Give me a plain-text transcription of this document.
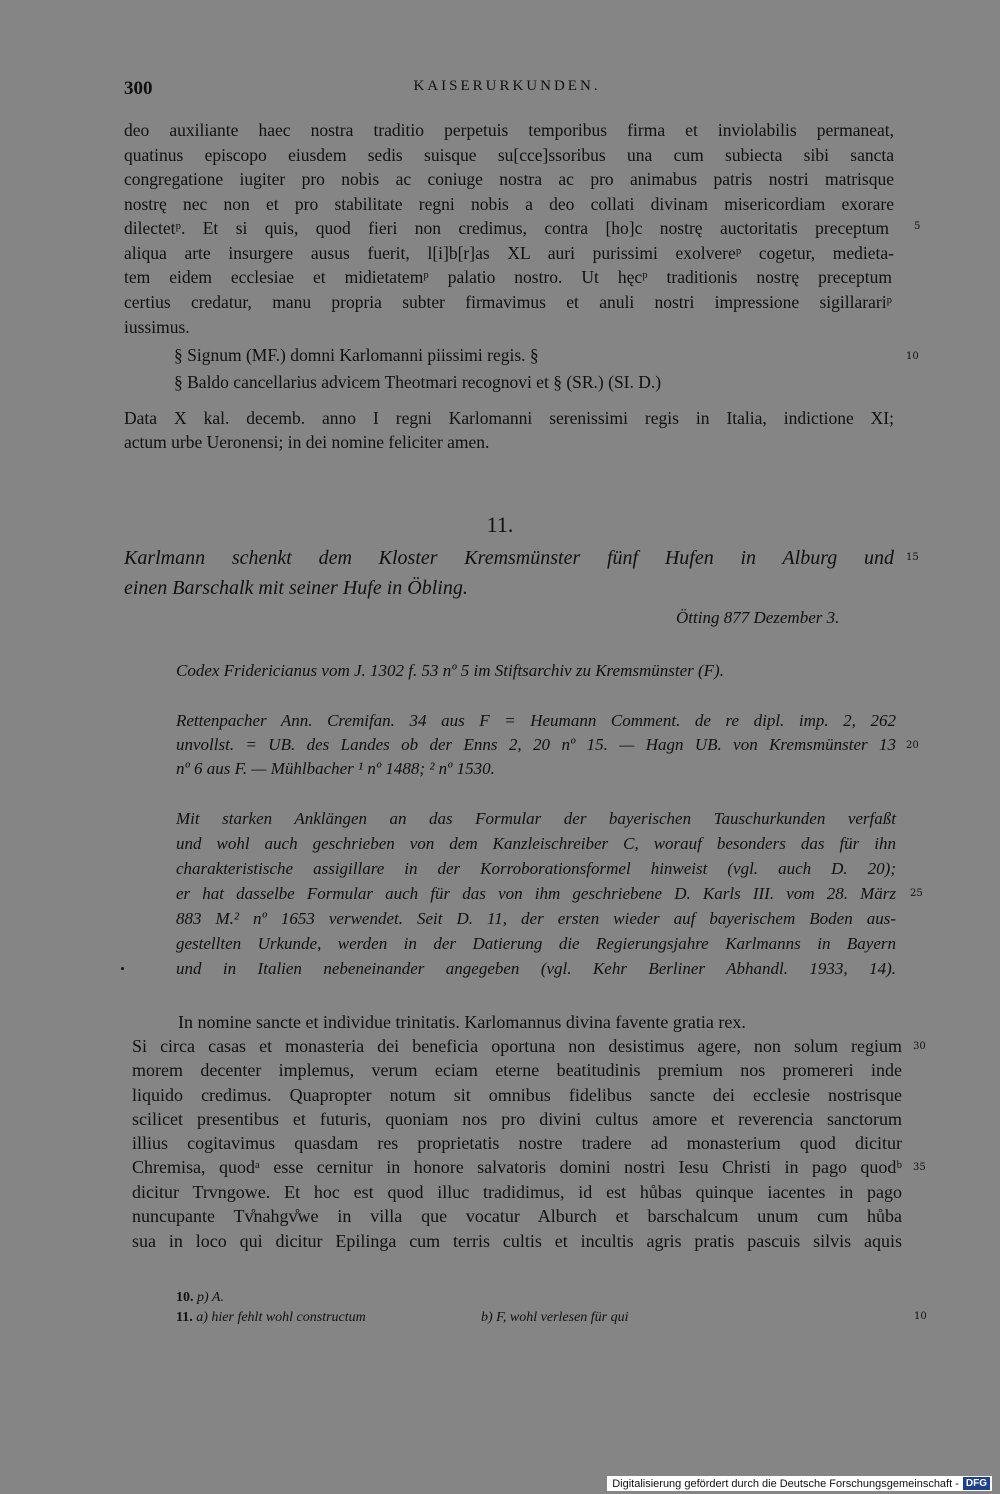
300	KAISERURKUNDEN.
deo auxiliante haec nostra traditio perpetuis temporibus firma et inviolabilis permaneat,
quatinus episcopo eiusdem sedis suisque su[cce]ssoribus una cum subiecta sibi sancta
congregatione iugiter pro nobis ac coniuge nostra ac pro animabus patris nostri matrisque
nostrę nec non et pro stabilitate regni nobis a deo collati divinam misericordiam exorare
dilectetᵖ. Et si quis, quod fieri non credimus, contra [ho]c nostrę auctoritatis preceptum
aliqua arte insurgere ausus fuerit, l[i]b[r]as XL auri purissimi exolvereᵖ cogetur, medieta-
tem eidem ecclesiae et midietatemᵖ palatio nostro. Ut hęcᵖ traditionis nostrę preceptum
certius credatur, manu propria subter firmavimus et anuli nostri impressione sigillarariᵖ
iussimus.
§ Signum (MF.) domni Karlomanni piissimi regis. §
§ Baldo cancellarius advicem Theotmari recognovi et § (SR.) (SI. D.)
Data X kal. decemb. anno I regni Karlomanni serenissimi regis in Italia, indictione XI;
actum urbe Ueronensi; in dei nomine feliciter amen.
11.
Karlmann schenkt dem Kloster Kremsmünster fünf Hufen in Alburg und
einen Barschalk mit seiner Hufe in Öbling.
Ötting 877 Dezember 3.
Codex Fridericianus vom J. 1302 f. 53 nº 5 im Stiftsarchiv zu Kremsmünster (F).
Rettenpacher Ann. Cremifan. 34 aus F = Heumann Comment. de re dipl. imp. 2, 262
unvollst. = UB. des Landes ob der Enns 2, 20 nº 15. — Hagn UB. von Kremsmünster 13
nº 6 aus F. — Mühlbacher ¹ nº 1488; ² nº 1530.
Mit starken Anklängen an das Formular der bayerischen Tauschurkunden verfaßt
und wohl auch geschrieben von dem Kanzleischreiber C, worauf besonders das für ihn
charakteristische assigillare in der Korroborationsformel hinweist (vgl. auch D. 20);
er hat dasselbe Formular auch für das von ihm geschriebene D. Karls III. vom 28. März
883 M.² nº 1653 verwendet. Seit D. 11, der ersten wieder auf bayerischem Boden aus-
gestellten Urkunde, werden in der Datierung die Regierungsjahre Karlmanns in Bayern
und in Italien nebeneinander angegeben (vgl. Kehr Berliner Abhandl. 1933, 14).
In nomine sancte et individue trinitatis. Karlomannus divina favente gratia rex.
Si circa casas et monasteria dei beneficia oportuna non desistimus agere, non solum regium
morem decenter implemus, verum eciam eterne beatitudinis premium nos promereri inde
liquido credimus. Quapropter notum sit omnibus fidelibus sancte dei ecclesie nostrisque
scilicet presentibus et futuris, quoniam nos pro divini cultus amore et reverencia sanctorum
illius cogitavimus quasdam res proprietatis nostre tradere ad monasterium quod dicitur
Chremisa, quodᵃ esse cernitur in honore salvatoris domini nostri Iesu Christi in pago quodᵇ
dicitur Trvngowe. Et hoc est quod illuc tradidimus, id est hůbas quinque iacentes in pago
nuncupante Tv̊nahgv̊we in villa que vocatur Alburch et barschalcum unum cum hůba
sua in loco qui dicitur Epilinga cum terris cultis et incultis agris pratis pascuis silvis aquis
5
10
15
20
25
30
35
10
10. p) A.
11. a) hier fehlt wohl constructum	b) F, wohl verlesen für qui
Digitalisierung gefördert durch die Deutsche Forschungsgemeinschaft - DFG
